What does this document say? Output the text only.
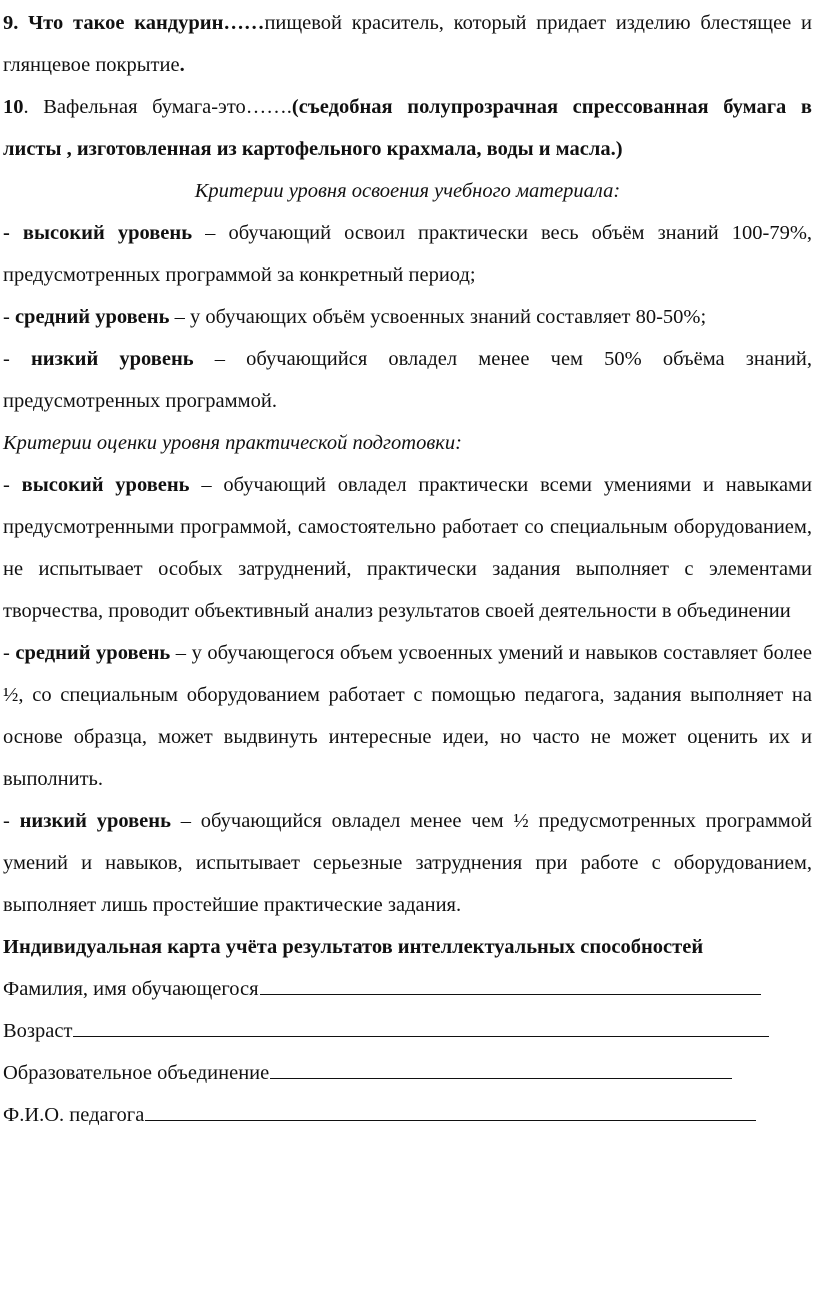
9. Что такое кандурин……пищевой краситель, который придает изделию блестящее и глянцевое покрытие.

10. Вафельная бумага-это…….(съедобная полупрозрачная спрессованная бумага в листы , изготовленная из картофельного крахмала, воды и масла.)

Критерии уровня освоения учебного материала:

- высокий уровень – обучающий освоил практически весь объём знаний 100-79%, предусмотренных программой за конкретный период;

- средний уровень – у обучающих объём усвоенных знаний составляет 80-50%;

- низкий уровень – обучающийся овладел менее чем 50% объёма знаний, предусмотренных программой.

Критерии оценки уровня практической подготовки:

- высокий уровень – обучающий овладел практически всеми умениями и навыками предусмотренными программой, самостоятельно работает со специальным оборудованием, не испытывает особых затруднений, практически задания выполняет с элементами творчества, проводит объективный анализ результатов своей деятельности в объединении

- средний уровень – у обучающегося объем усвоенных умений и навыков составляет более ½, со специальным оборудованием работает с помощью педагога, задания выполняет на основе образца, может выдвинуть интересные идеи, но часто не может оценить их и выполнить.

- низкий уровень – обучающийся овладел менее чем ½ предусмотренных программой умений и навыков, испытывает серьезные затруднения при работе с оборудованием, выполняет лишь простейшие практические задания.

Индивидуальная карта учёта результатов интеллектуальных способностей

Фамилия, имя обучающегося
Возраст
Образовательное объединение
Ф.И.О. педагога
